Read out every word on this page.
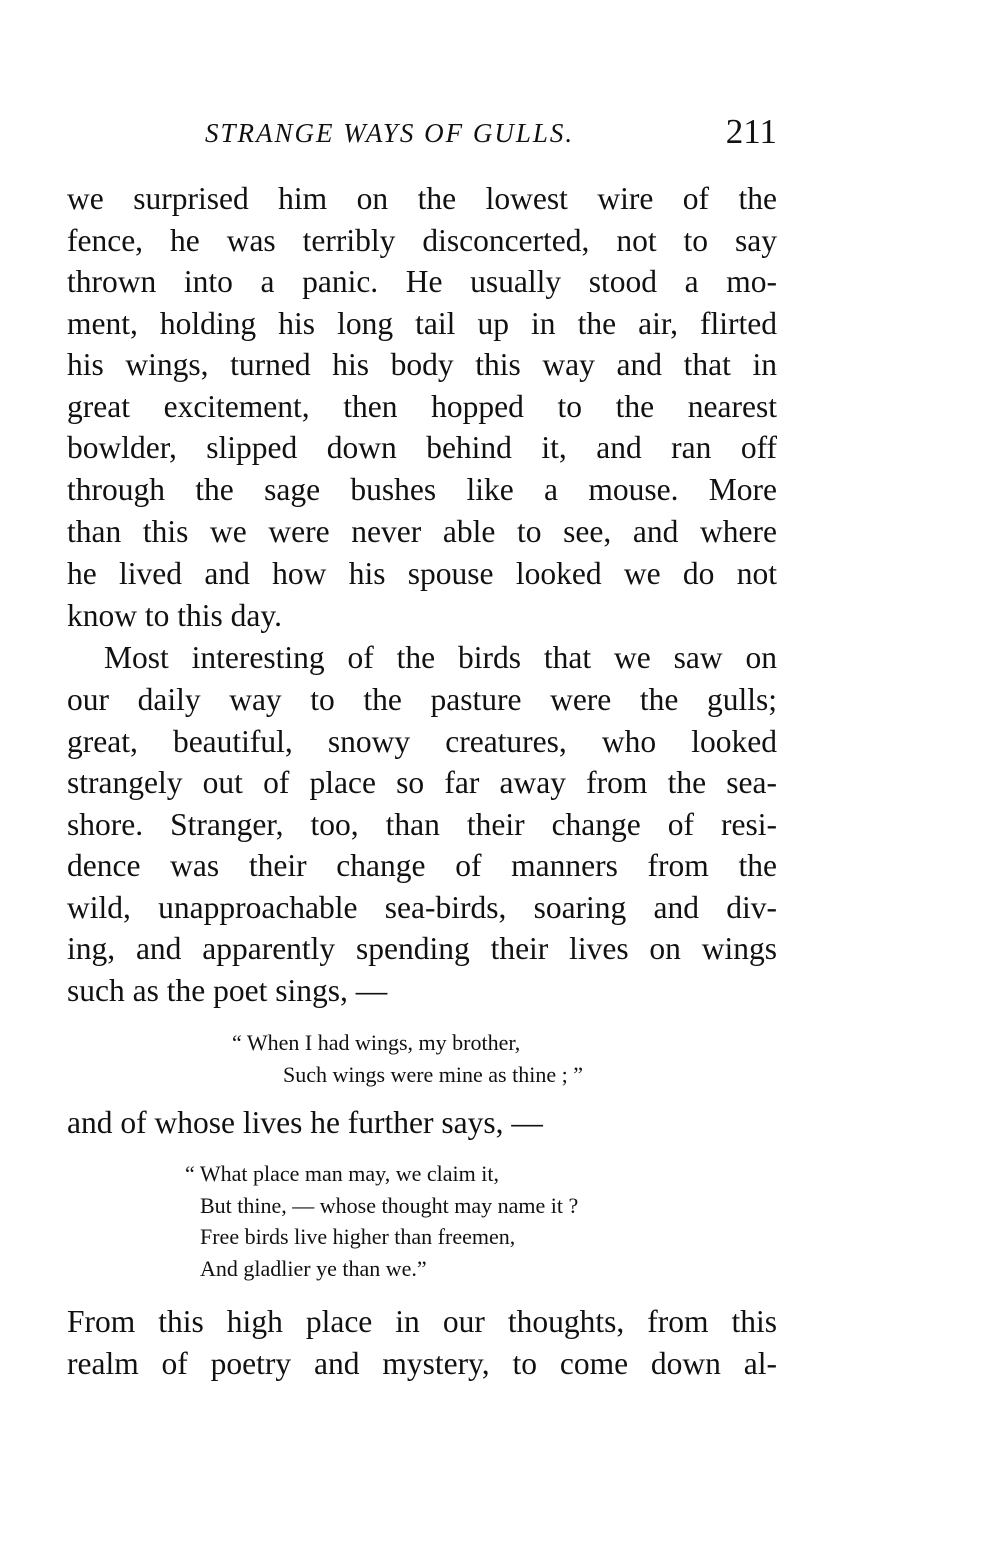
STRANGE WAYS OF GULLS.	211
we surprised him on the lowest wire of the
fence, he was terribly disconcerted, not to say
thrown into a panic. He usually stood a mo-
ment, holding his long tail up in the air, flirted
his wings, turned his body this way and that in
great excitement, then hopped to the nearest
bowlder, slipped down behind it, and ran off
through the sage bushes like a mouse. More
than this we were never able to see, and where
he lived and how his spouse looked we do not
know to this day.
Most interesting of the birds that we saw on
our daily way to the pasture were the gulls;
great, beautiful, snowy creatures, who looked
strangely out of place so far away from the sea-
shore. Stranger, too, than their change of resi-
dence was their change of manners from the
wild, unapproachable sea-birds, soaring and div-
ing, and apparently spending their lives on wings
such as the poet sings, —
“ When I had wings, my brother,
Such wings were mine as thine ; ”
and of whose lives he further says, —
“ What place man may, we claim it,
But thine, — whose thought may name it ?
Free birds live higher than freemen,
And gladlier ye than we.”
From this high place in our thoughts, from this
realm of poetry and mystery, to come down al-
